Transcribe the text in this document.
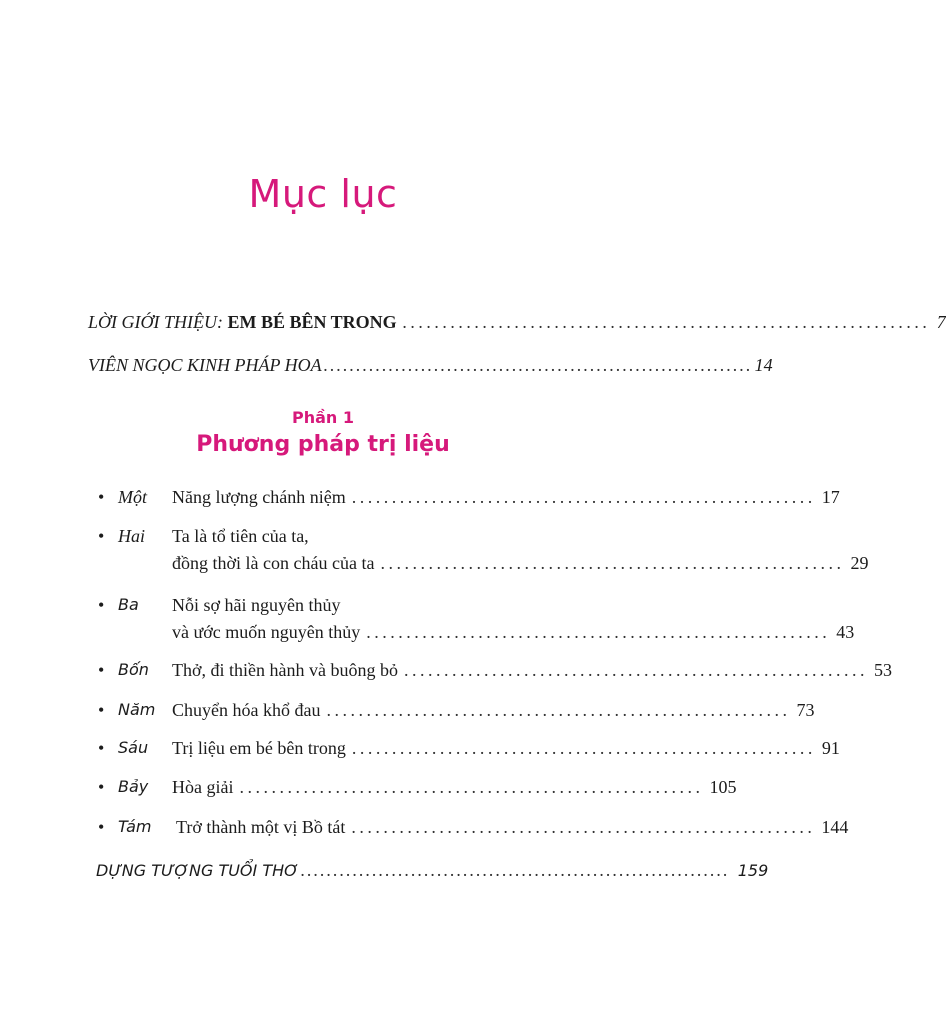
Mục lục
LỜI GIỚI THIỆU: EM BÉ BÊN TRONG .................................................................. 7
VIÊN NGỌC KINH PHÁP HOA .................................................................. 14
Phần 1
Phương pháp trị liệu
• Một Năng lượng chánh niệm .......................................................... 17
• Hai Ta là tổ tiên của ta,
đồng thời là con cháu của ta .......................................................... 29
• Ba Nỗi sợ hãi nguyên thủy
và ước muốn nguyên thủy .......................................................... 43
• Bốn Thở, đi thiền hành và buông bỏ .......................................................... 53
• Năm Chuyển hóa khổ đau .......................................................... 73
• Sáu Trị liệu em bé bên trong .......................................................... 91
• Bảy Hòa giải .......................................................... 105
• Tám Trở thành một vị Bồ tát .......................................................... 144
DỰNG TƯỢNG TUỔI THƠ .................................................................. 159
